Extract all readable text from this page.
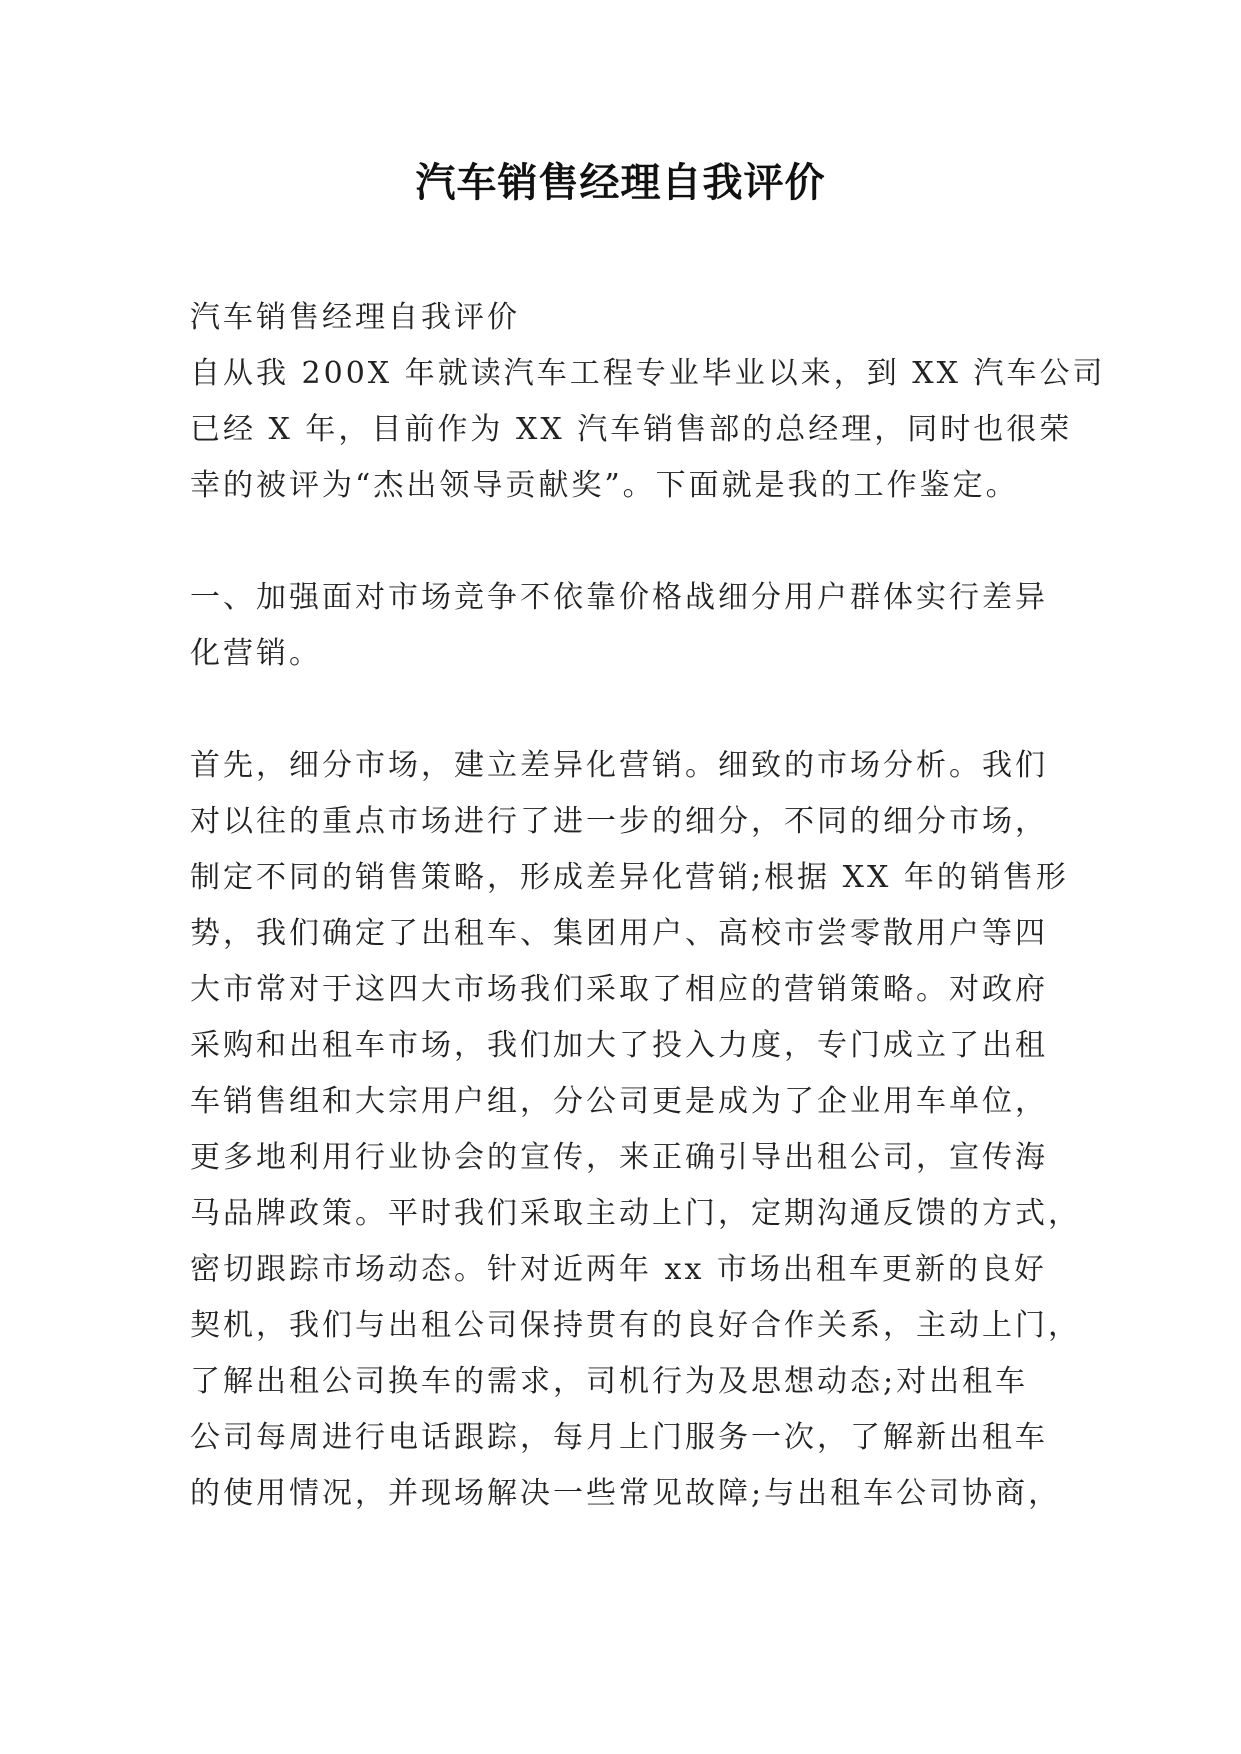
汽车销售经理自我评价
汽车销售经理自我评价
自从我 200X 年就读汽车工程专业毕业以来，到 XX 汽车公司
已经 X 年，目前作为 XX 汽车销售部的总经理，同时也很荣
幸的被评为“杰出领导贡献奖”。下面就是我的工作鉴定。
一、加强面对市场竞争不依靠价格战细分用户群体实行差异
化营销。
首先，细分市场，建立差异化营销。细致的市场分析。我们
对以往的重点市场进行了进一步的细分，不同的细分市场，
制定不同的销售策略，形成差异化营销;根据 XX 年的销售形
势，我们确定了出租车、集团用户、高校市尝零散用户等四
大市常对于这四大市场我们采取了相应的营销策略。对政府
采购和出租车市场，我们加大了投入力度，专门成立了出租
车销售组和大宗用户组，分公司更是成为了企业用车单位，
更多地利用行业协会的宣传，来正确引导出租公司，宣传海
马品牌政策。平时我们采取主动上门，定期沟通反馈的方式，
密切跟踪市场动态。针对近两年 xx 市场出租车更新的良好
契机，我们与出租公司保持贯有的良好合作关系，主动上门，
了解出租公司换车的需求，司机行为及思想动态;对出租车
公司每周进行电话跟踪，每月上门服务一次，了解新出租车
的使用情况，并现场解决一些常见故障;与出租车公司协商，
